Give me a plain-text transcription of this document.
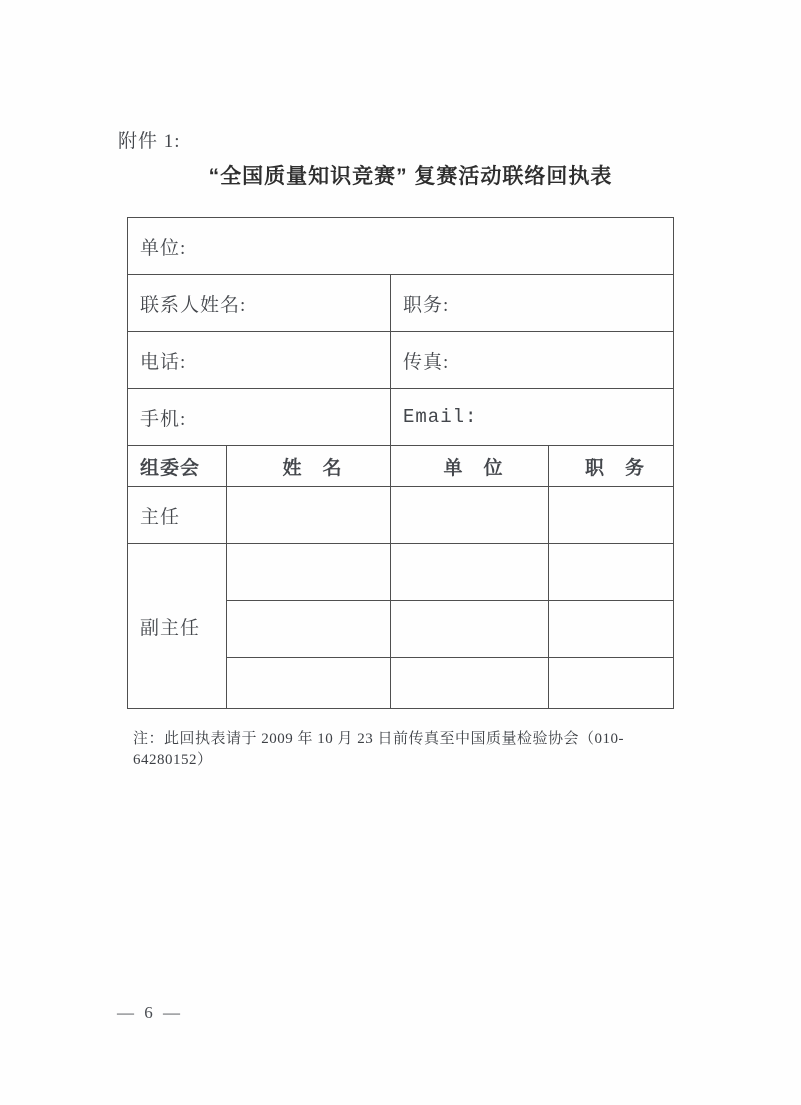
附件 1:
“全国质量知识竞赛” 复赛活动联络回执表
单位:			
联系人姓名:		职务:	
电话:		传真:	
手机:		Email:	
组委会	姓　名	单　位	职　务
主任			
副主任			

注：此回执表请于 2009 年 10 月 23 日前传真至中国质量检验协会（010-64280152）
— 6 —
